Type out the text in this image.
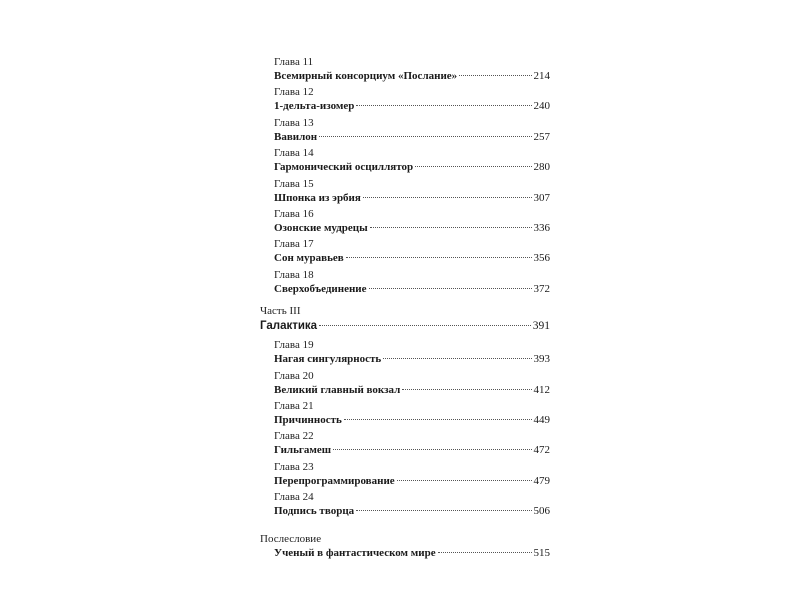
Глава 11
Всемирный консорциум «Послание»	214
Глава 12
1-дельта-изомер	240
Глава 13
Вавилон	257
Глава 14
Гармонический осциллятор	280
Глава 15
Шпонка из эрбия	307
Глава 16
Озонские мудрецы	336
Глава 17
Сон муравьев	356
Глава 18
Сверхобъединение	372
Часть III
Галактика	391
Глава 19
Нагая сингулярность	393
Глава 20
Великий главный вокзал	412
Глава 21
Причинность	449
Глава 22
Гильгамеш	472
Глава 23
Перепрограммирование	479
Глава 24
Подпись творца	506
Послесловие
Ученый в фантастическом мире	515
